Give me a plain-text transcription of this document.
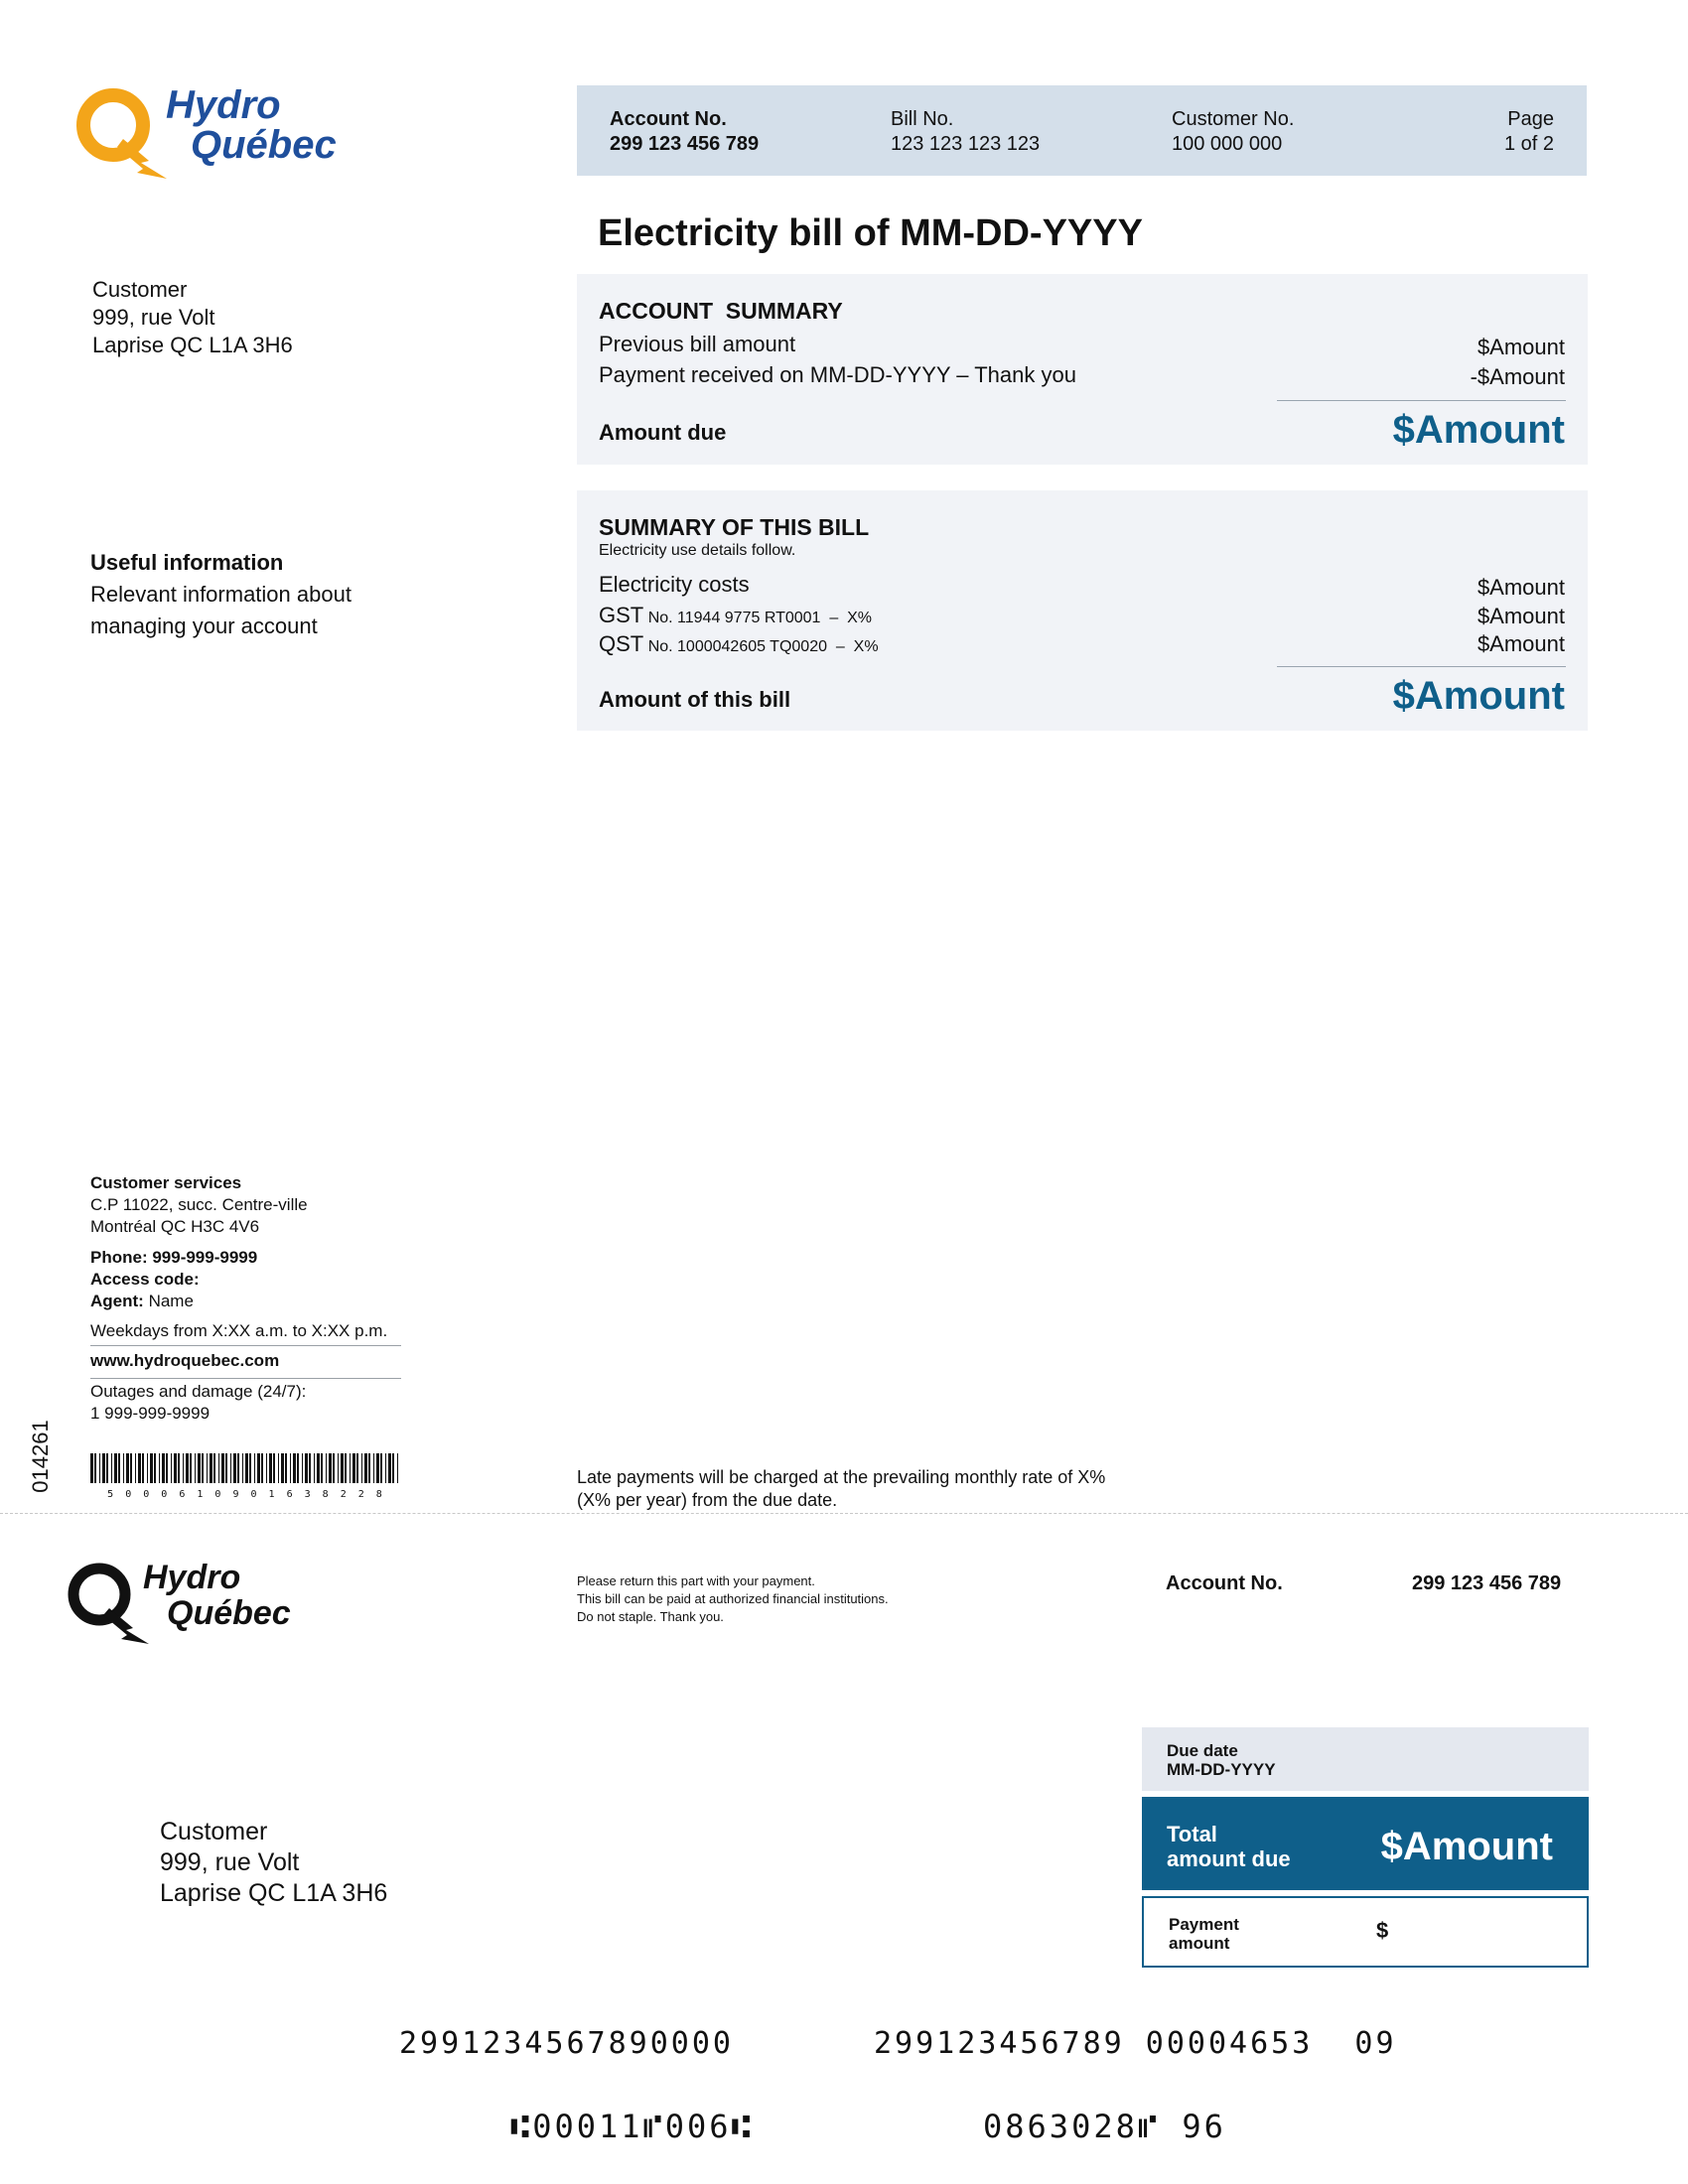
Hydro
Québec
Account No.
299 123 456 789
Bill No.
123 123 123 123
Customer No.
100 000 000
Page
1 of 2
Electricity bill of MM-DD-YYYY
Customer
999, rue Volt
Laprise QC L1A 3H6
ACCOUNT  SUMMARY
Previous bill amount	$Amount
Payment received on MM-DD-YYYY – Thank you	-$Amount
Amount due	$Amount
Useful information
Relevant information about
managing your account
SUMMARY OF THIS BILL
Electricity use details follow.
Electricity costs	$Amount
GST No. 11944 9775 RT0001  –  X%	$Amount
QST No. 1000042605 TQ0020  –  X%	$Amount
Amount of this bill	$Amount
Customer services
C.P 11022, succ. Centre-ville
Montréal QC H3C 4V6
Phone: 999-999-9999
Access code:
Agent: Name
Weekdays from X:XX a.m. to X:XX p.m.
www.hydroquebec.com
Outages and damage (24/7):
1 999-999-9999
014261
5 0 0 0 6 1 0 9 0 1 6 3 8 2 2 8
Late payments will be charged at the prevailing monthly rate of X%
(X% per year) from the due date.
Hydro
Québec
Please return this part with your payment.
This bill can be paid at authorized financial institutions.
Do not staple. Thank you.
Account No.	299 123 456 789
Due date
MM-DD-YYYY
Total
amount due $Amount
Payment
amount
$
Customer
999, rue Volt
Laprise QC L1A 3H6
2991234567890000	299123456789 00004653  09
⑆00011⑈006⑆	0863028⑈ 96
